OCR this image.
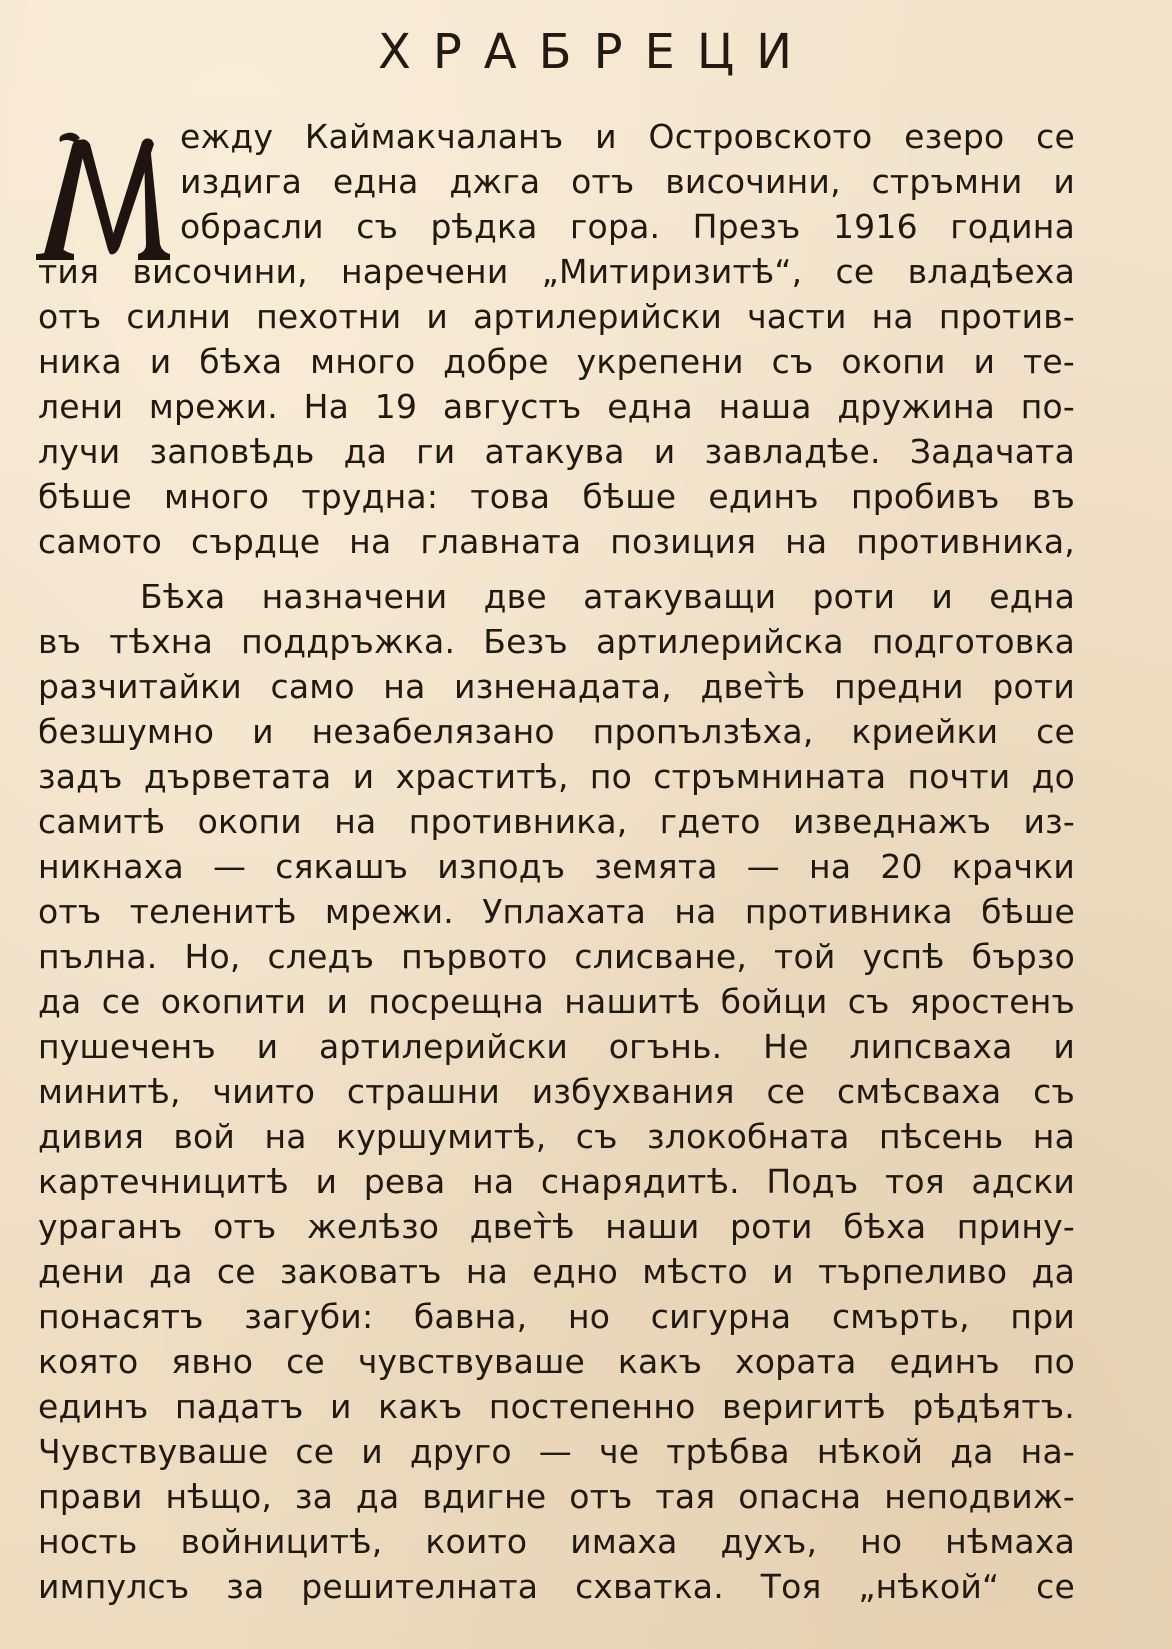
ХРАБРЕЦИ
ежду Каймакчаланъ и Островското езеро се
издига една джга отъ височини, стръмни и
обрасли съ рѣдка гора. Презъ 1916 година
тия височини, наречени „Митиризитѣ“, се владѣеха
отъ силни пехотни и артилерийски части на против-
ника и бѣха много добре укрепени съ окопи и те-
лени мрежи. На 19 августъ една наша дружина по-
лучи заповѣдь да ги атакува и завладѣе. Задачата
бѣше много трудна: това бѣше единъ пробивъ въ
самото сърдце на главната позиция на противника,
Бѣха назначени две атакуващи роти и една
въ тѣхна поддръжка. Безъ артилерийска подготовка
разчитайки само на изненадата, двет̀ѣ предни роти
безшумно и незабелязано пропълзѣха, криейки се
задъ дърветата и храститѣ, по стръмнината почти до
самитѣ окопи на противника, гдето изведнажъ из-
никнаха — сякашъ изподъ земята — на 20 крачки
отъ теленитѣ мрежи. Уплахата на противника бѣше
пълна. Но, следъ първото слисване, той успѣ бързо
да се окопити и посрещна нашитѣ бойци съ яростенъ
пушеченъ и артилерийски огънь. Не липсваха и
минитѣ, чиито страшни избухвания се смѣсваха съ
дивия вой на куршумитѣ, съ злокобната пѣсень на
картечницитѣ и рева на снарядитѣ. Подъ тоя адски
ураганъ отъ желѣзо двет̀ѣ наши роти бѣха прину-
дени да се заковатъ на едно мѣсто и търпеливо да
понасятъ загуби: бавна, но сигурна смърть, при
която явно се чувствуваше какъ хората единъ по
единъ падатъ и какъ постепенно веригитѣ рѣдѣятъ.
Чувствуваше се и друго — че трѣбва нѣкой да на-
прави нѣщо, за да вдигне отъ тая опасна неподвиж-
ность войницитѣ, които имаха духъ, но нѣмаха
импулсъ за решителната схватка. Тоя „нѣкой“ се
